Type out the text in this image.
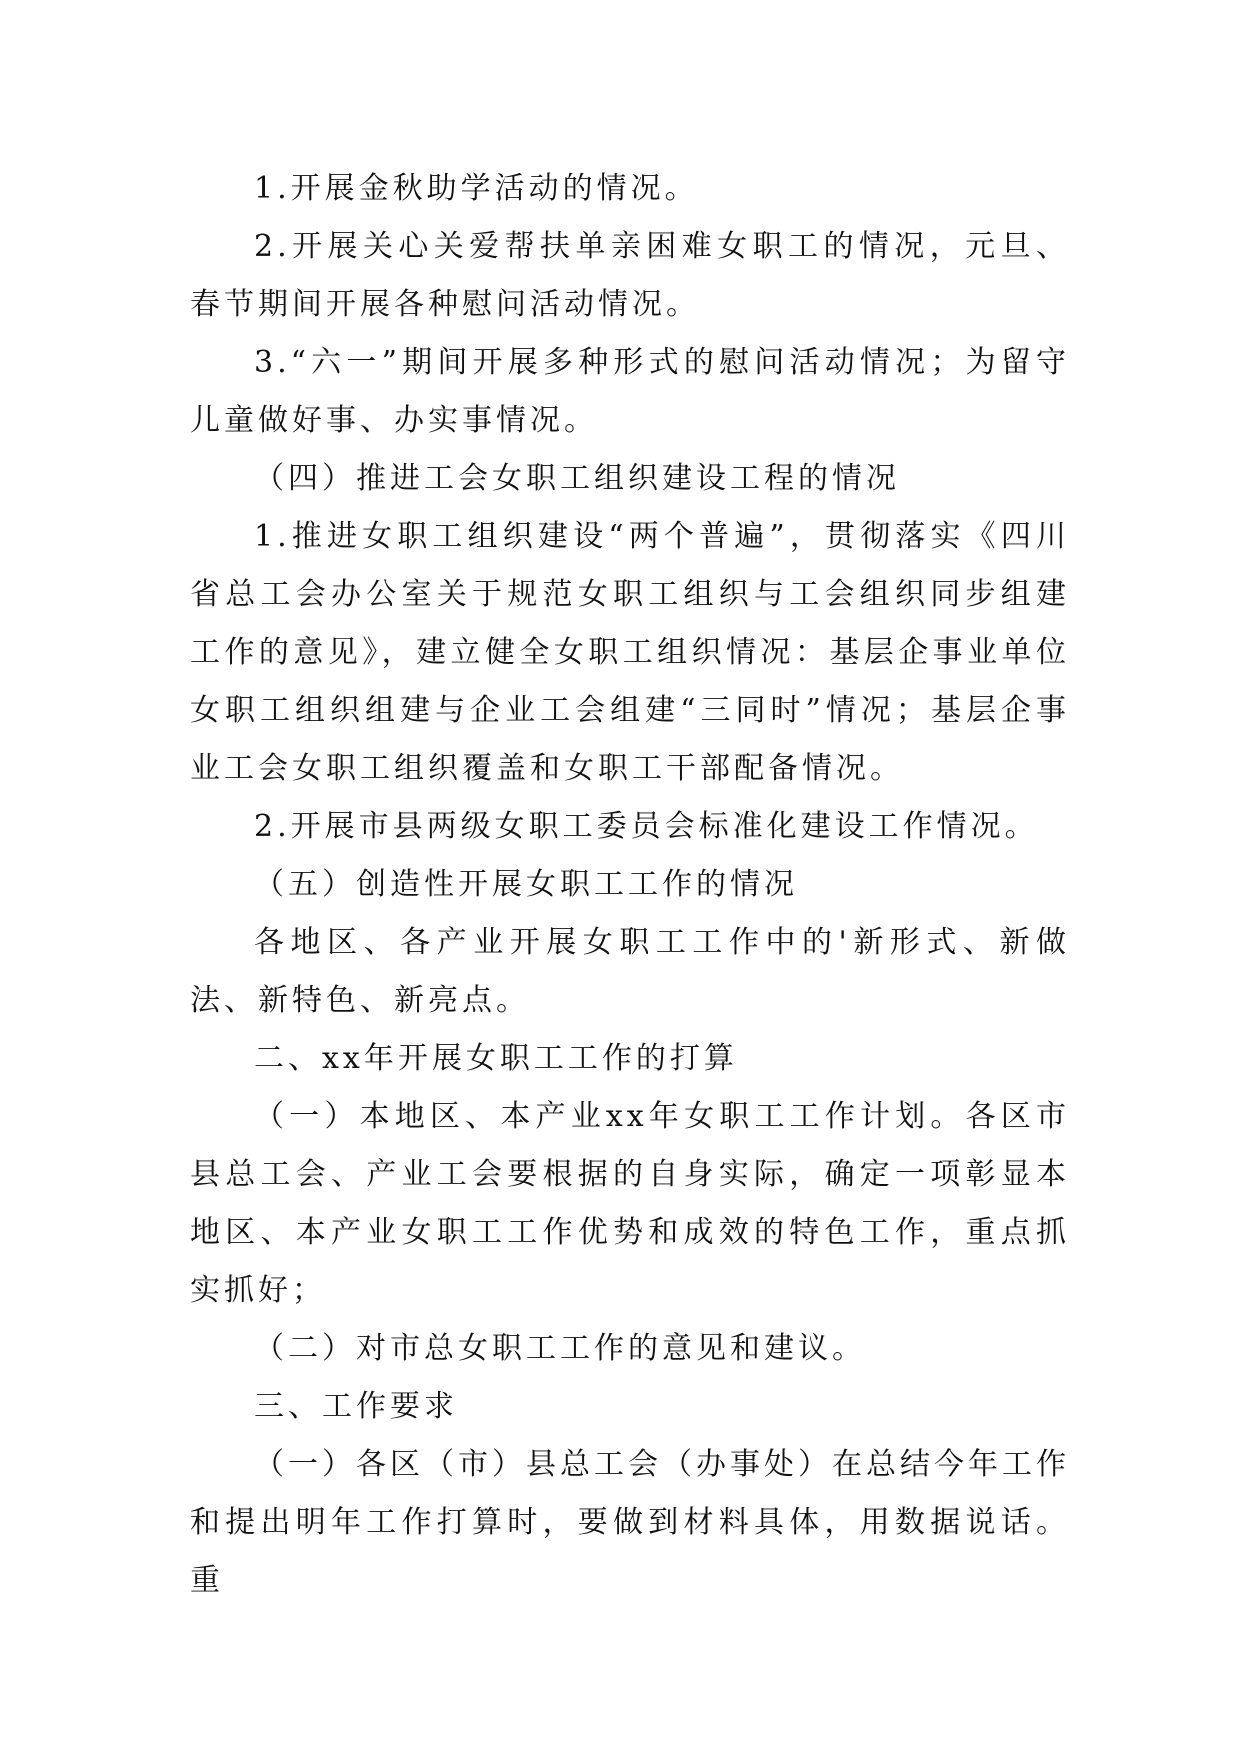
1.开展金秋助学活动的情况。

2.开展关心关爱帮扶单亲困难女职工的情况，元旦、春节期间开展各种慰问活动情况。

3.“六一”期间开展多种形式的慰问活动情况；为留守儿童做好事、办实事情况。

（四）推进工会女职工组织建设工程的情况

1.推进女职工组织建设“两个普遍”，贯彻落实《四川省总工会办公室关于规范女职工组织与工会组织同步组建工作的意见》，建立健全女职工组织情况：基层企事业单位女职工组织组建与企业工会组建“三同时”情况；基层企事业工会女职工组织覆盖和女职工干部配备情况。

2.开展市县两级女职工委员会标准化建设工作情况。

（五）创造性开展女职工工作的情况

各地区、各产业开展女职工工作中的'新形式、新做法、新特色、新亮点。

二、xx年开展女职工工作的打算

（一）本地区、本产业xx年女职工工作计划。各区市县总工会、产业工会要根据的自身实际，确定一项彰显本地区、本产业女职工工作优势和成效的特色工作，重点抓实抓好；

（二）对市总女职工工作的意见和建议。

三、工作要求

（一）各区（市）县总工会（办事处）在总结今年工作和提出明年工作打算时，要做到材料具体，用数据说话。重
